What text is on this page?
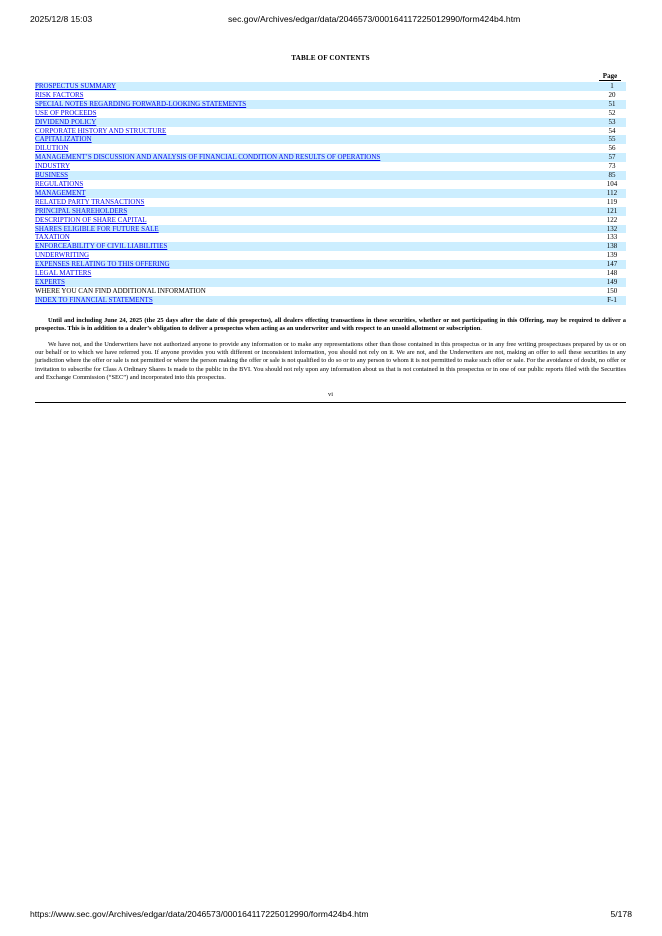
2025/12/8 15:03	sec.gov/Archives/edgar/data/2046573/000164117225012990/form424b4.htm
TABLE OF CONTENTS
Page
PROSPECTUS SUMMARY	1
RISK FACTORS	20
SPECIAL NOTES REGARDING FORWARD-LOOKING STATEMENTS	51
USE OF PROCEEDS	52
DIVIDEND POLICY	53
CORPORATE HISTORY AND STRUCTURE	54
CAPITALIZATION	55
DILUTION	56
MANAGEMENT’S DISCUSSION AND ANALYSIS OF FINANCIAL CONDITION AND RESULTS OF OPERATIONS	57
INDUSTRY	73
BUSINESS	85
REGULATIONS	104
MANAGEMENT	112
RELATED PARTY TRANSACTIONS	119
PRINCIPAL SHAREHOLDERS	121
DESCRIPTION OF SHARE CAPITAL	122
SHARES ELIGIBLE FOR FUTURE SALE	132
TAXATION	133
ENFORCEABILITY OF CIVIL LIABILITIES	138
UNDERWRITING	139
EXPENSES RELATING TO THIS OFFERING	147
LEGAL MATTERS	148
EXPERTS	149
WHERE YOU CAN FIND ADDITIONAL INFORMATION	150
INDEX TO FINANCIAL STATEMENTS	F-1

Until and including June 24, 2025 (the 25 days after the date of this prospectus), all dealers effecting transactions in these securities, whether or not participating in this Offering, may be required to deliver a prospectus. This is in addition to a dealer’s obligation to deliver a prospectus when acting as an underwriter and with respect to an unsold allotment or subscription.

We have not, and the Underwriters have not authorized anyone to provide any information or to make any representations other than those contained in this prospectus or in any free writing prospectuses prepared by us or on our behalf or to which we have referred you. If anyone provides you with different or inconsistent information, you should not rely on it. We are not, and the Underwriters are not, making an offer to sell these securities in any jurisdiction where the offer or sale is not permitted or where the person making the offer or sale is not qualified to do so or to any person to whom it is not permitted to make such offer or sale. For the avoidance of doubt, no offer or invitation to subscribe for Class A Ordinary Shares Is made to the public in the BVI. You should not rely upon any information about us that is not contained in this prospectus or in one of our public reports filed with the Securities and Exchange Commission (“SEC”) and incorporated into this prospectus.

vi
https://www.sec.gov/Archives/edgar/data/2046573/000164117225012990/form424b4.htm	5/178
